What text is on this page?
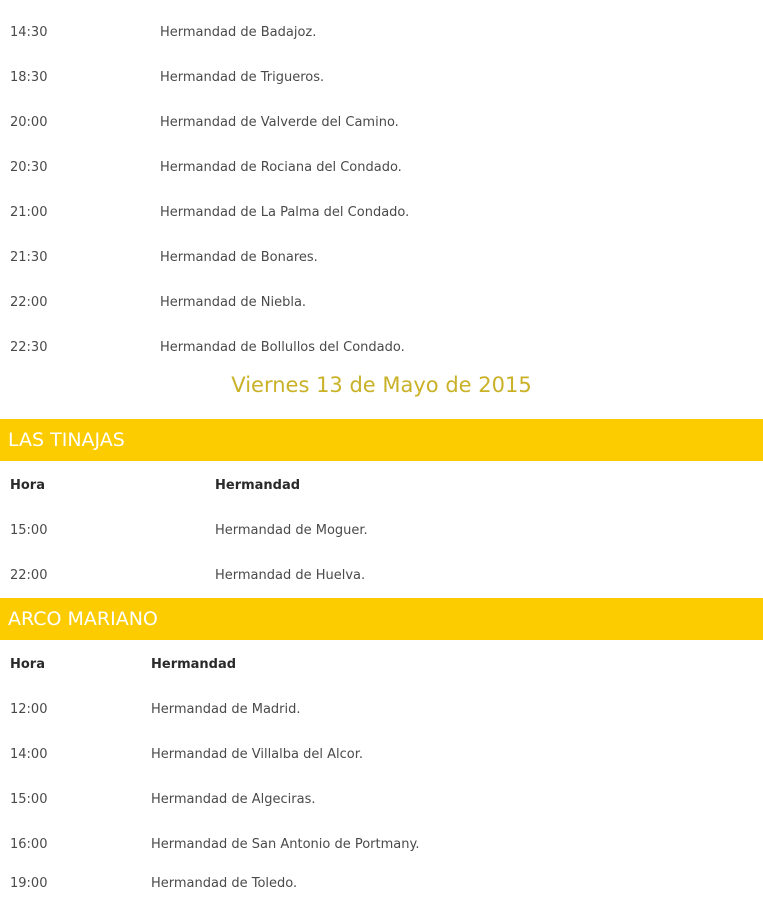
14:30	Hermandad de Badajoz.
18:30	Hermandad de Trigueros.
20:00	Hermandad de Valverde del Camino.
20:30	Hermandad de Rociana del Condado.
21:00	Hermandad de La Palma del Condado.
21:30	Hermandad de Bonares.
22:00	Hermandad de Niebla.
22:30	Hermandad de Bollullos del Condado.
Viernes 13 de Mayo de 2015
LAS TINAJAS
Hora	Hermandad
15:00	Hermandad de Moguer.
22:00	Hermandad de Huelva.
ARCO MARIANO
Hora	Hermandad
12:00	Hermandad de Madrid.
14:00	Hermandad de Villalba del Alcor.
15:00	Hermandad de Algeciras.
16:00	Hermandad de San Antonio de Portmany.
19:00	Hermandad de Toledo.
